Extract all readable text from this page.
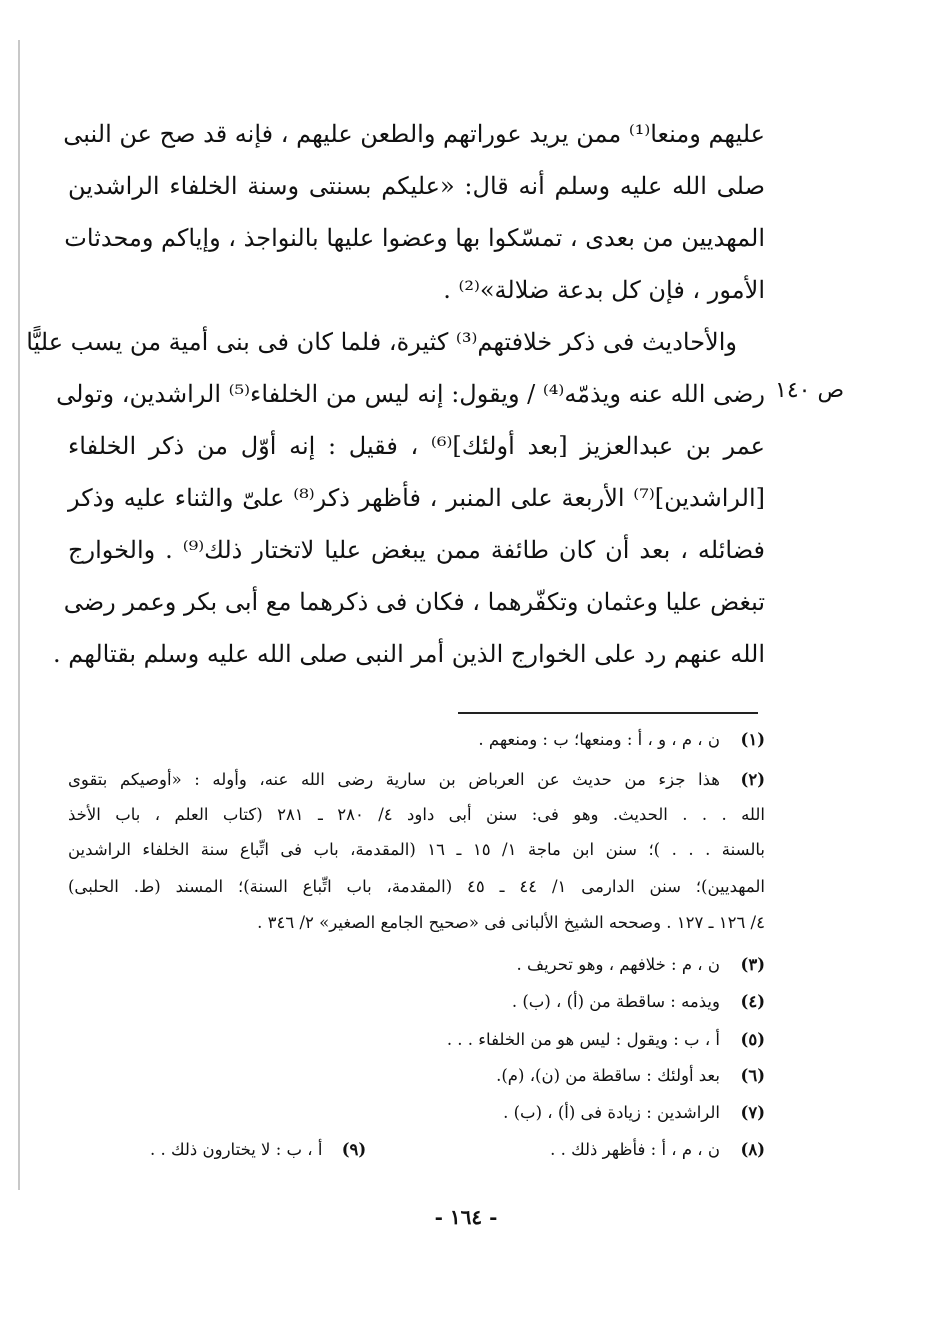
عليهم ومنعا⁽¹⁾ ممن يريد عوراتهم والطعن عليهم ، فإنه قد صح عن النبى
صلى الله عليه وسلم أنه قال: «عليكم بسنتى وسنة الخلفاء الراشدين
المهديين من بعدى ، تمسّكوا بها وعضوا عليها بالنواجذ ، وإياكم ومحدثات
الأمور ، فإن كل بدعة ضلالة»⁽²⁾ .
والأحاديث فى ذكر خلافتهم⁽³⁾ كثيرة، فلما كان فى بنى أمية من يسب عليًّا
رضى الله عنه ويذمّه⁽⁴⁾ / ويقول: إنه ليس من الخلفاء⁽⁵⁾ الراشدين، وتولى
عمر بن عبدالعزيز [بعد أولئك]⁽⁶⁾ ، فقيل : إنه أوّل من ذكر الخلفاء
[الراشدين]⁽⁷⁾ الأربعة على المنبر ، فأظهر ذكر⁽⁸⁾ علىّ والثناء عليه وذكر
فضائله ، بعد أن كان طائفة ممن يبغض عليا لاتختار ذلك⁽⁹⁾ . والخوارج
تبغض عليا وعثمان وتكفّرهما ، فكان فى ذكرهما مع أبى بكر وعمر رضى
الله عنهم رد على الخوارج الذين أمر النبى صلى الله عليه وسلم بقتالهم .
ص ١٤٠
(١)
ن ، م ، و ، أ : ومنعها؛ ب : ومنعهم .
(٢)
هذا جزء من حديث عن العرباض بن سارية رضى الله عنه، وأوله : «أوصيكم بتقوى
الله . . . الحديث. وهو فى: سنن أبى داود ٤/ ٢٨٠ ـ ٢٨١ (كتاب العلم ، باب الأخذ
بالسنة . . . )؛ سنن ابن ماجة ١/ ١٥ ـ ١٦ (المقدمة، باب فى اتِّباع سنة الخلفاء الراشدين
المهديين)؛ سنن الدارمى ١/ ٤٤ ـ ٤٥ (المقدمة، باب اتِّباع السنة)؛ المسند (ط. الحلبى)
٤/ ١٢٦ ـ ١٢٧ . وصححه الشيخ الألبانى فى «صحيح الجامع الصغير» ٢/ ٣٤٦ .
(٣)
ن ، م : خلافهم ، وهو تحريف .
(٤)
ويذمه : ساقطة من (أ) ، (ب) .
(٥)
أ ، ب : ويقول : ليس هو من الخلفاء . . .
(٦)
بعد أولئك : ساقطة من (ن)، (م).
(٧)
الراشدين : زيادة فى (أ) ، (ب) .
(٨)
ن ، م ، أ : فأظهر ذلك . .
(٩) أ ، ب : لا يختارون ذلك . .
- ١٦٤ -
